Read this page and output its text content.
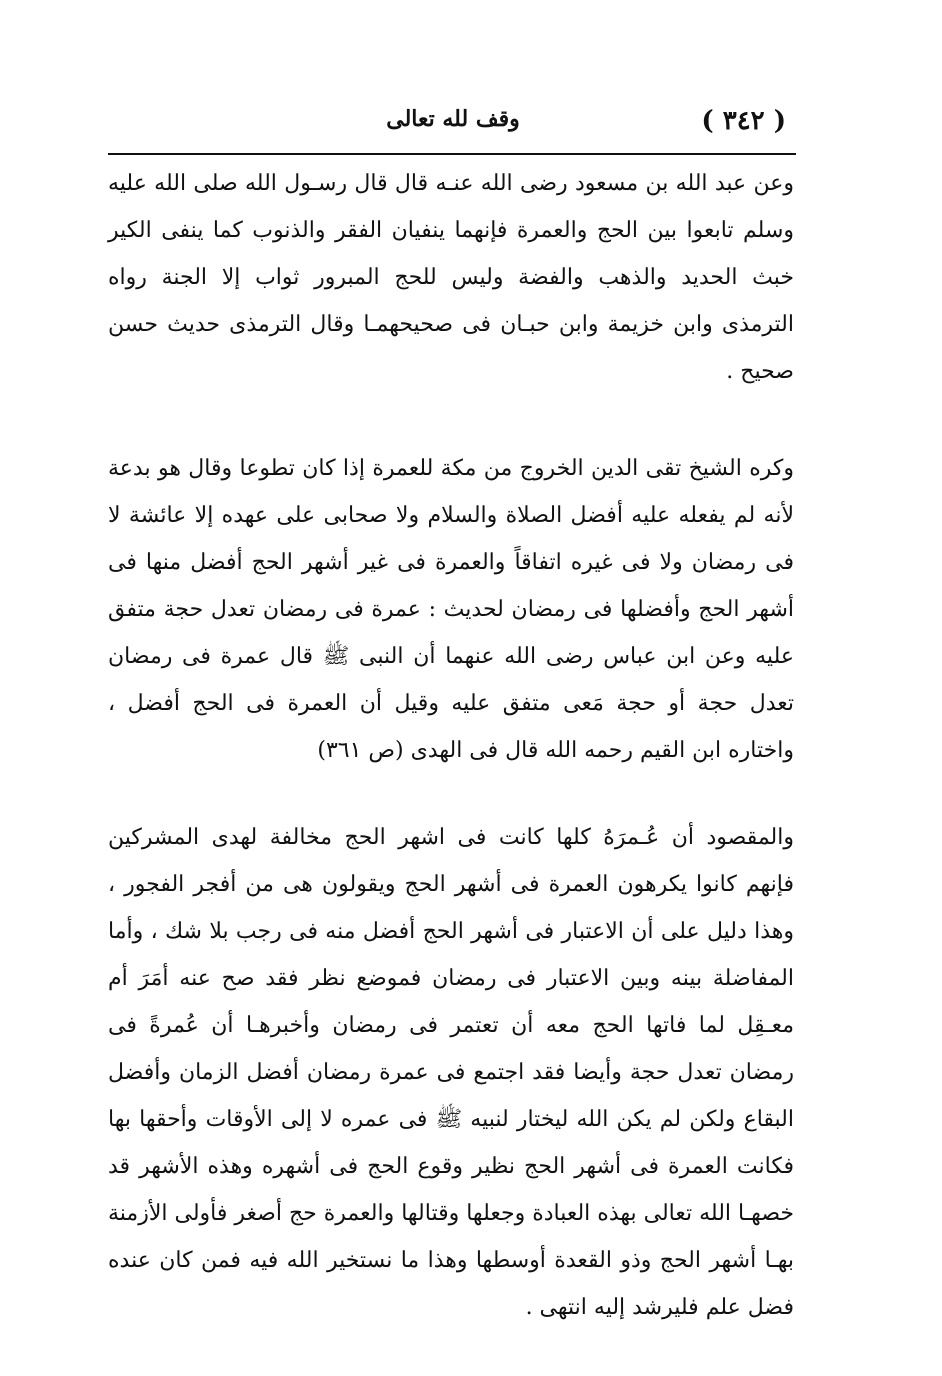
( ٣٤٢ )
وقف لله تعالى

وعن عبد الله بن مسعود رضى الله عنـه قال قال رسـول الله صلى الله عليه وسلم تابعوا بين الحج والعمرة فإنهما ينفيان الفقر والذنوب كما ينفى الكير خبث الحديد والذهب والفضة وليس للحج المبرور ثواب إلا الجنة رواه الترمذى وابن خزيمة وابن حبـان فى صحيحهمـا وقال الترمذى حديث حسن صحيح .

وكره الشيخ تقى الدين الخروج من مكة للعمرة إذا كان تطوعا وقال هو بدعة لأنه لم يفعله عليه أفضل الصلاة والسلام ولا صحابى على عهده إلا عائشة لا فى رمضان ولا فى غيره اتفاقاً والعمرة فى غير أشهر الحج أفضل منها فى أشهر الحج وأفضلها فى رمضان لحديث : عمرة فى رمضان تعدل حجة متفق عليه وعن ابن عباس رضى الله عنهما أن النبى ﷺ قال عمرة فى رمضان تعدل حجة أو حجة مَعى متفق عليه وقيل أن العمرة فى الحج أفضل ، واختاره ابن القيم رحمه الله قال فى الهدى (ص ٣٦١)

والمقصود أن عُـمرَهُ كلها كانت فى اشهر الحج مخالفة لهدى المشركين فإنهم كانوا يكرهون العمرة فى أشهر الحج ويقولون هى من أفجر الفجور ، وهذا دليل على أن الاعتبار فى أشهر الحج أفضل منه فى رجب بلا شك ، وأما المفاضلة بينه وبين الاعتبار فى رمضان فموضع نظر فقد صح عنه أمَرَ أم معـقِل لما فاتها الحج معه أن تعتمر فى رمضان وأخبرهـا أن عُمرةً فى رمضان تعدل حجة وأيضا فقد اجتمع فى عمرة رمضان أفضل الزمان وأفضل البقاع ولكن لم يكن الله ليختار لنبيه ﷺ فى عمره لا إلى الأوقات وأحقها بها فكانت العمرة فى أشهر الحج نظير وقوع الحج فى أشهره وهذه الأشهر قد خصهـا الله تعالى بهذه العبادة وجعلها وقتالها والعمرة حج أصغر فأولى الأزمنة بهـا أشهر الحج وذو القعدة أوسطها وهذا ما نستخير الله فيه فمن كان عنده فضل علم فليرشد إليه انتهى .
